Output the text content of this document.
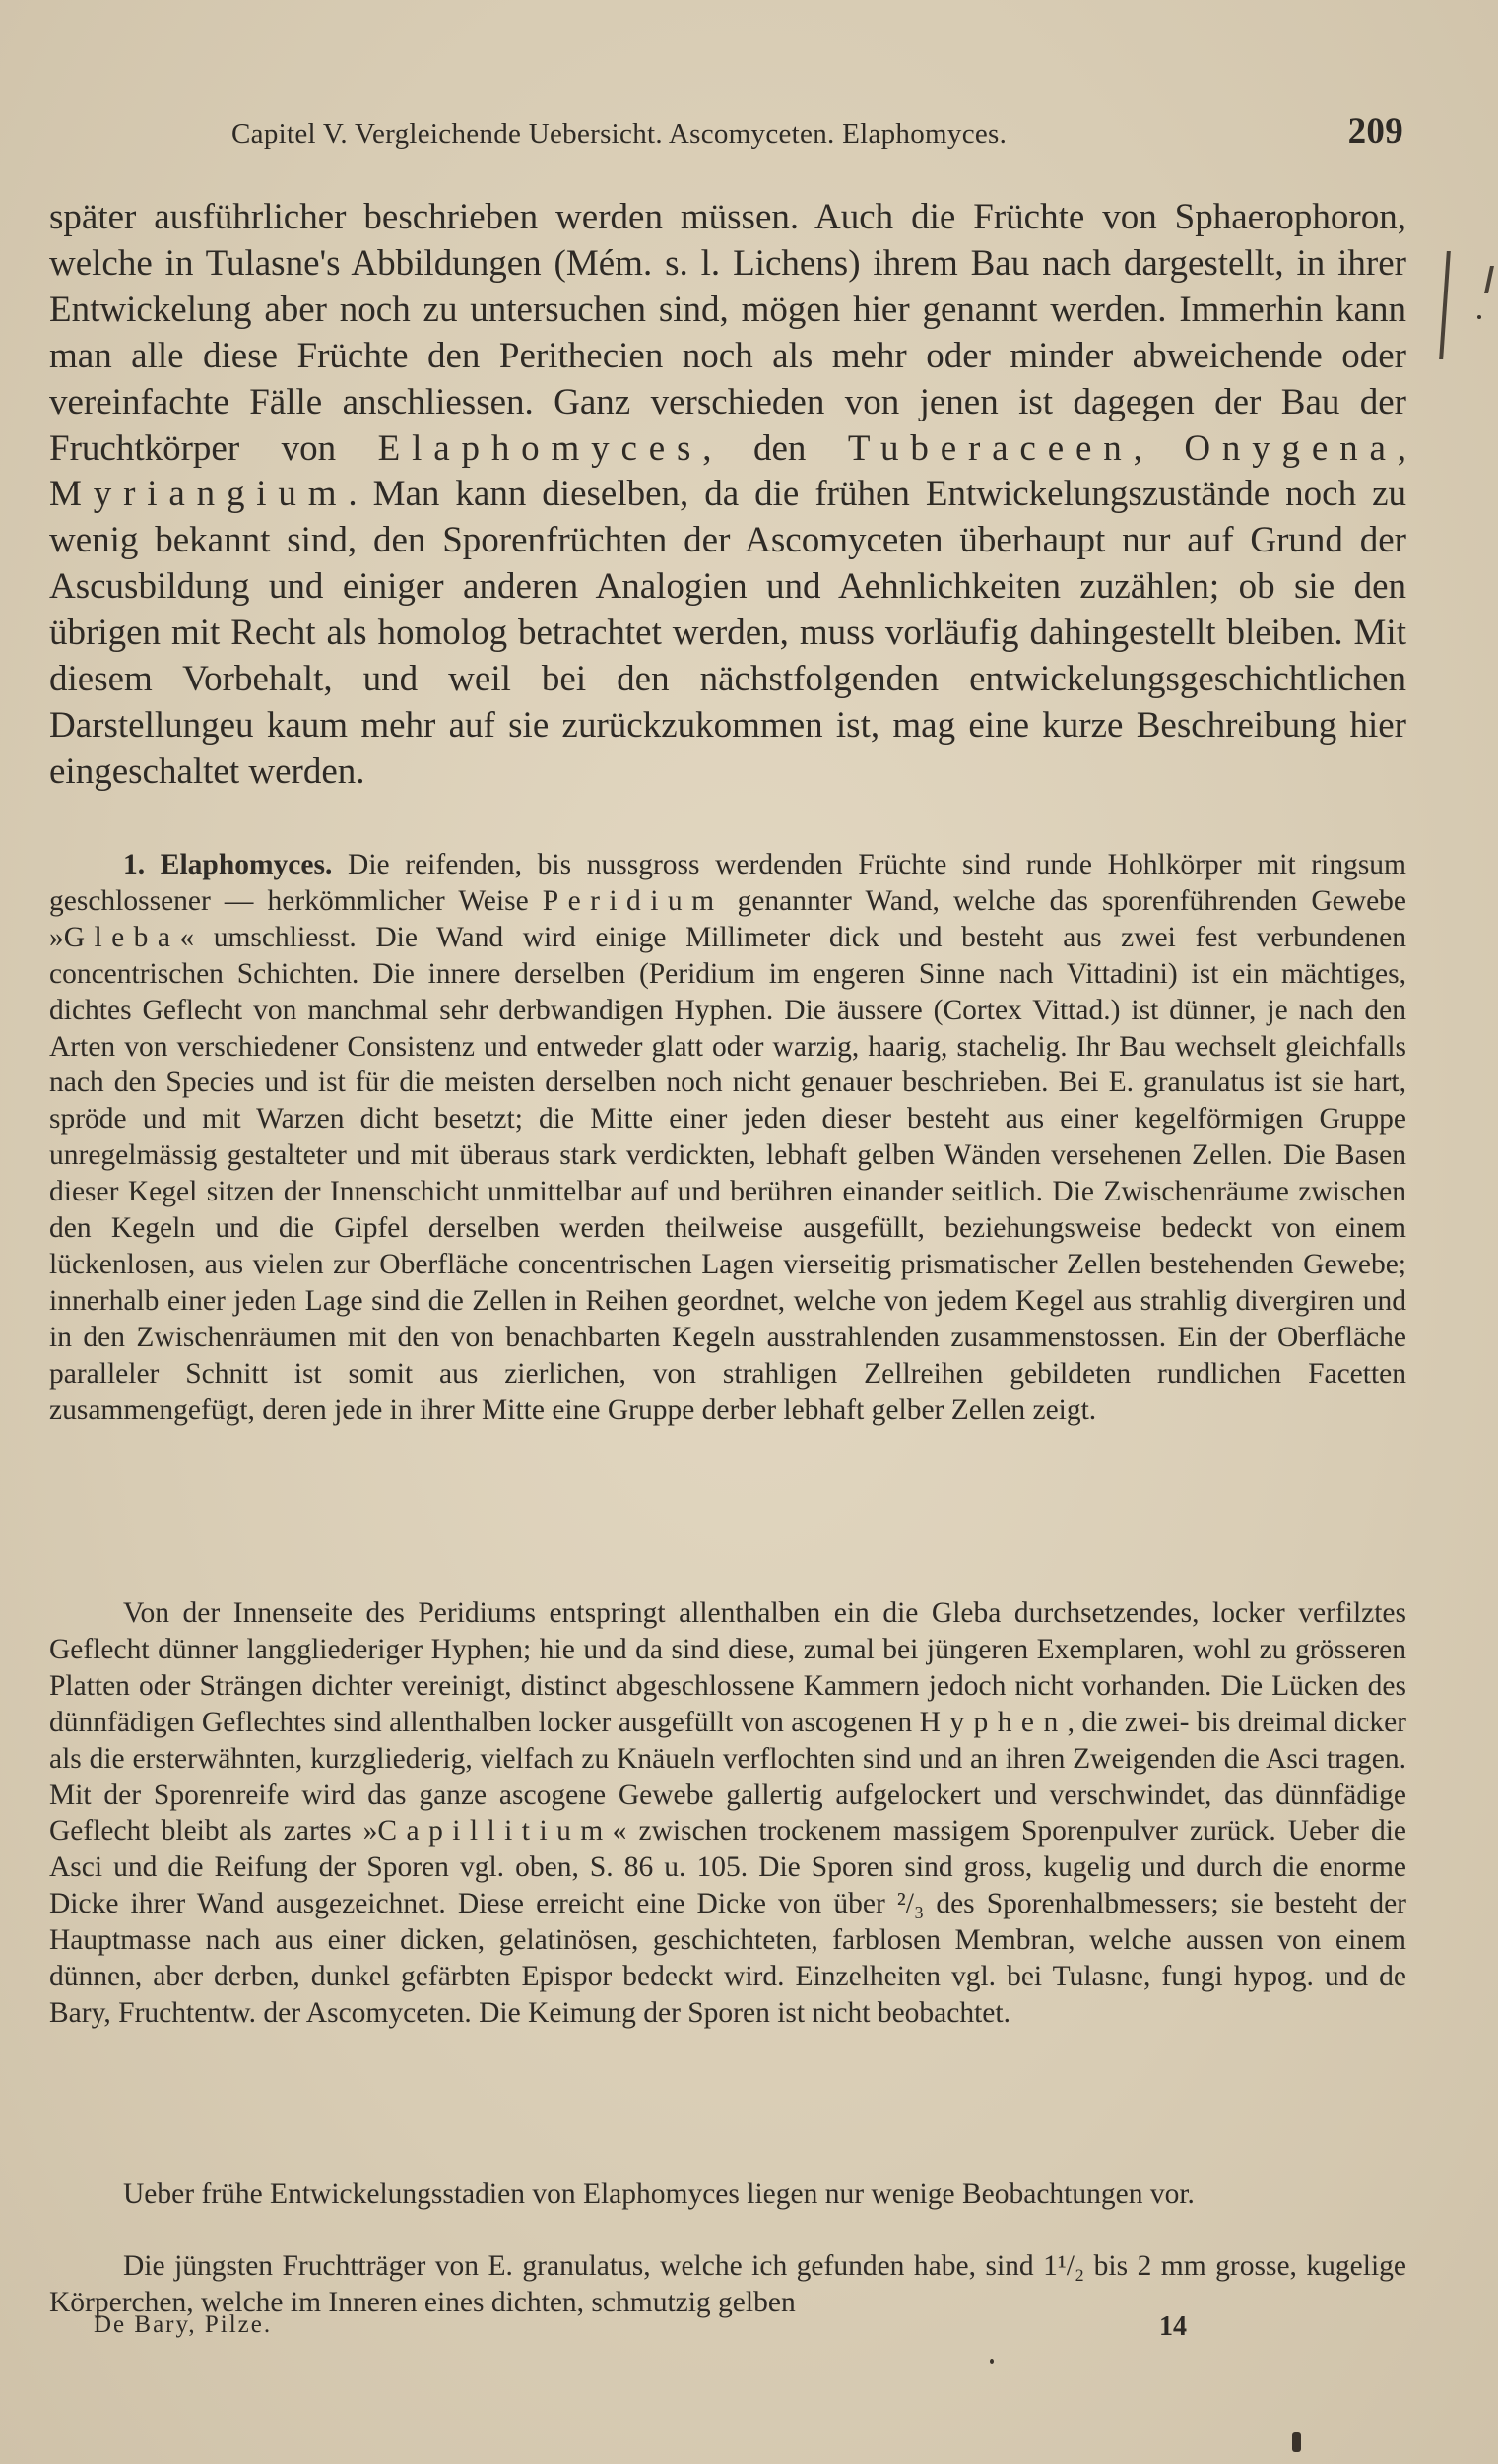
Capitel V. Vergleichende Uebersicht. Ascomyceten. Elaphomyces.	209

später ausführlicher beschrieben werden müssen. Auch die Früchte von Sphaerophoron, welche in Tulasne's Abbildungen (Mém. s. l. Lichens) ihrem Bau nach dargestellt, in ihrer Entwickelung aber noch zu untersuchen sind, mögen hier genannt werden. Immerhin kann man alle diese Früchte den Perithecien noch als mehr oder minder abweichende oder vereinfachte Fälle anschliessen. Ganz verschieden von jenen ist dagegen der Bau der Fruchtkörper von Elaphomyces, den Tuberaceen, Onygena, Myriangium. Man kann dieselben, da die frühen Entwickelungszustände noch zu wenig bekannt sind, den Sporenfrüchten der Ascomyceten überhaupt nur auf Grund der Ascusbildung und einiger anderen Analogien und Aehnlichkeiten zuzählen; ob sie den übrigen mit Recht als homolog betrachtet werden, muss vorläufig dahingestellt bleiben. Mit diesem Vorbehalt, und weil bei den nächstfolgenden entwickelungsgeschichtlichen Darstellungeu kaum mehr auf sie zurückzukommen ist, mag eine kurze Beschreibung hier eingeschaltet werden.

1. Elaphomyces. Die reifenden, bis nussgross werdenden Früchte sind runde Hohlkörper mit ringsum geschlossener — herkömmlicher Weise Peridium genannter Wand, welche das sporenführenden Gewebe »Gleba« umschliesst. Die Wand wird einige Millimeter dick und besteht aus zwei fest verbundenen concentrischen Schichten. Die innere derselben (Peridium im engeren Sinne nach Vittadini) ist ein mächtiges, dichtes Geflecht von manchmal sehr derbwandigen Hyphen. Die äussere (Cortex Vittad.) ist dünner, je nach den Arten von verschiedener Consistenz und entweder glatt oder warzig, haarig, stachelig. Ihr Bau wechselt gleichfalls nach den Species und ist für die meisten derselben noch nicht genauer beschrieben. Bei E. granulatus ist sie hart, spröde und mit Warzen dicht besetzt; die Mitte einer jeden dieser besteht aus einer kegelförmigen Gruppe unregelmässig gestalteter und mit überaus stark verdickten, lebhaft gelben Wänden versehenen Zellen. Die Basen dieser Kegel sitzen der Innenschicht unmittelbar auf und berühren einander seitlich. Die Zwischenräume zwischen den Kegeln und die Gipfel derselben werden theilweise ausgefüllt, beziehungsweise bedeckt von einem lückenlosen, aus vielen zur Oberfläche concentrischen Lagen vierseitig prismatischer Zellen bestehenden Gewebe; innerhalb einer jeden Lage sind die Zellen in Reihen geordnet, welche von jedem Kegel aus strahlig divergiren und in den Zwischenräumen mit den von benachbarten Kegeln ausstrahlenden zusammenstossen. Ein der Oberfläche paralleler Schnitt ist somit aus zierlichen, von strahligen Zellreihen gebildeten rundlichen Facetten zusammengefügt, deren jede in ihrer Mitte eine Gruppe derber lebhaft gelber Zellen zeigt.

Von der Innenseite des Peridiums entspringt allenthalben ein die Gleba durchsetzendes, locker verfilztes Geflecht dünner langgliederiger Hyphen; hie und da sind diese, zumal bei jüngeren Exemplaren, wohl zu grösseren Platten oder Strängen dichter vereinigt, distinct abgeschlossene Kammern jedoch nicht vorhanden. Die Lücken des dünnfädigen Geflechtes sind allenthalben locker ausgefüllt von ascogenen Hyphen, die zwei- bis dreimal dicker als die ersterwähnten, kurzgliederig, vielfach zu Knäueln verflochten sind und an ihren Zweigenden die Asci tragen. Mit der Sporenreife wird das ganze ascogene Gewebe gallertig aufgelockert und verschwindet, das dünnfädige Geflecht bleibt als zartes »Capillitium« zwischen trockenem massigem Sporenpulver zurück. Ueber die Asci und die Reifung der Sporen vgl. oben, S. 86 u. 105. Die Sporen sind gross, kugelig und durch die enorme Dicke ihrer Wand ausgezeichnet. Diese erreicht eine Dicke von über ²/₃ des Sporenhalbmessers; sie besteht der Hauptmasse nach aus einer dicken, gelatinösen, geschichteten, farblosen Membran, welche aussen von einem dünnen, aber derben, dunkel gefärbten Epispor bedeckt wird. Einzelheiten vgl. bei Tulasne, fungi hypog. und de Bary, Fruchtentw. der Ascomyceten. Die Keimung der Sporen ist nicht beobachtet.

Ueber frühe Entwickelungsstadien von Elaphomyces liegen nur wenige Beobachtungen vor.

Die jüngsten Fruchtträger von E. granulatus, welche ich gefunden habe, sind 1¹/₂ bis 2 mm grosse, kugelige Körperchen, welche im Inneren eines dichten, schmutzig gelben

De Bary, Pilze.	14
